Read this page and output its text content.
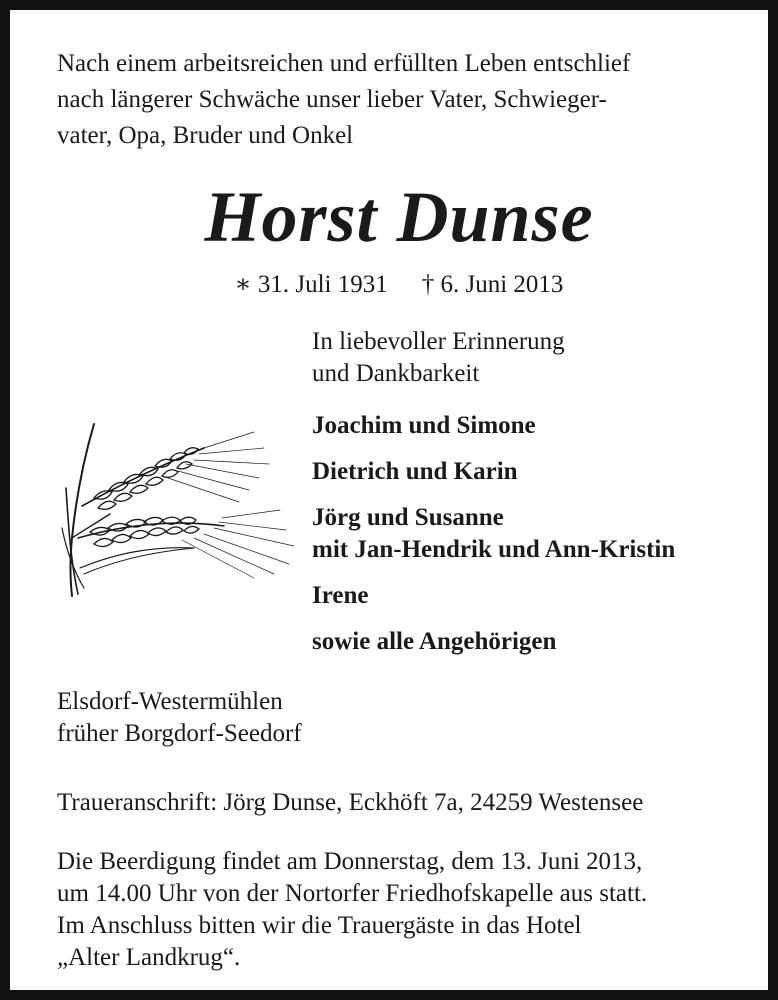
Nach einem arbeitsreichen und erfüllten Leben entschlief
nach längerer Schwäche unser lieber Vater, Schwieger-
vater, Opa, Bruder und Onkel
Horst Dunse
∗ 31. Juli 1931 † 6. Juni 2013
In liebevoller Erinnerung
und Dankbarkeit
Joachim und Simone
Dietrich und Karin
Jörg und Susanne
mit Jan-Hendrik und Ann-Kristin
Irene
sowie alle Angehörigen
Elsdorf-Westermühlen
früher Borgdorf-Seedorf
Traueranschrift: Jörg Dunse, Eckhöft 7a, 24259 Westensee
Die Beerdigung findet am Donnerstag, dem 13. Juni 2013,
um 14.00 Uhr von der Nortorfer Friedhofskapelle aus statt.
Im Anschluss bitten wir die Trauergäste in das Hotel
„Alter Landkrug“.
